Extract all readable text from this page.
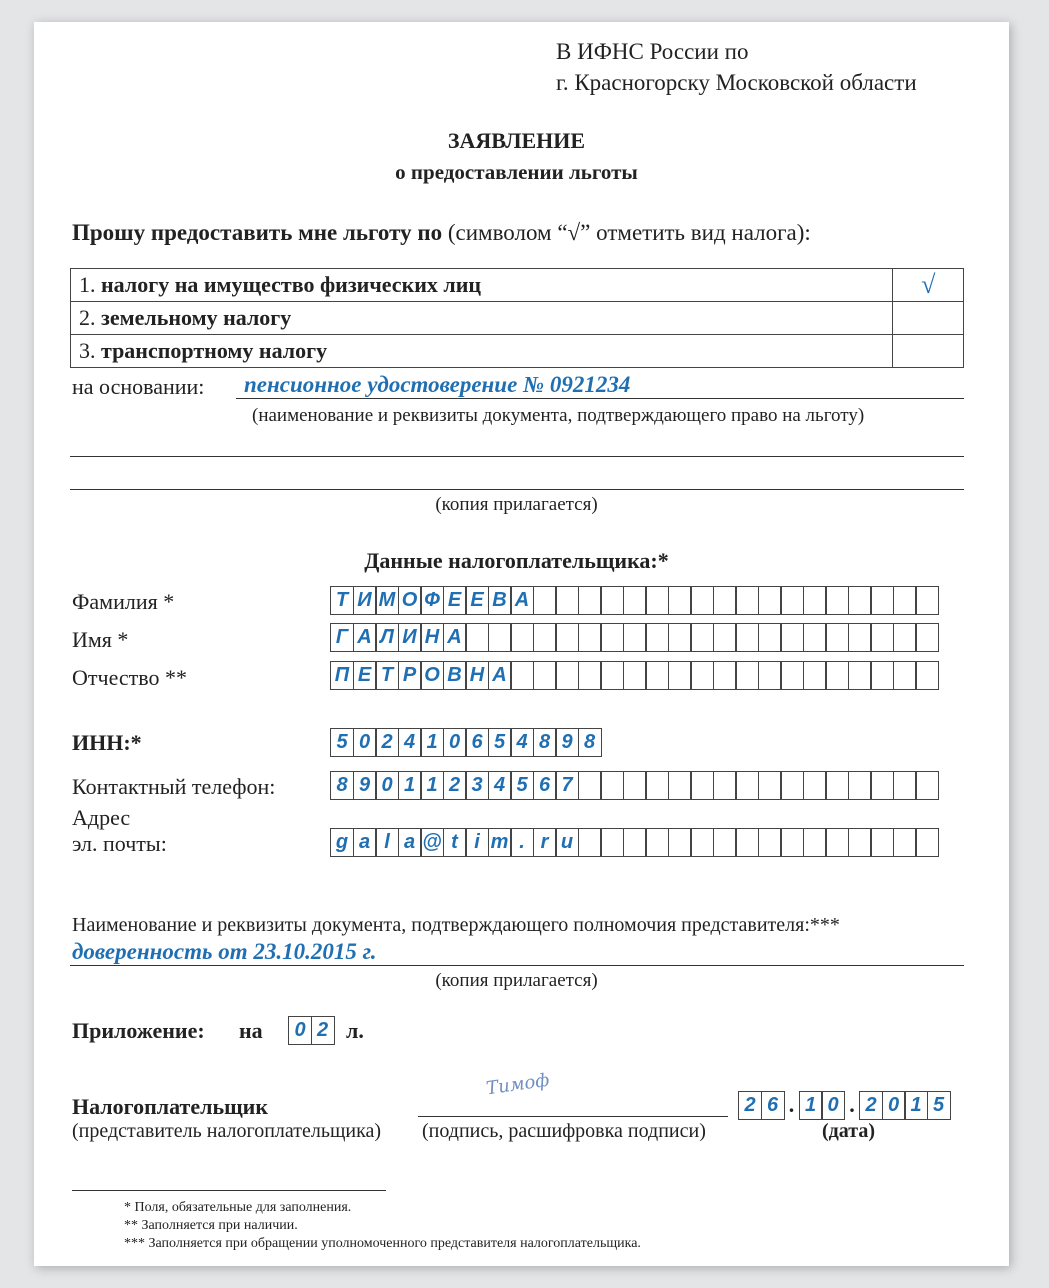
В ИФНС России по
г. Красногорску Московской области
ЗАЯВЛЕНИЕ
о предоставлении льготы
Прошу предоставить мне льготу по (символом “√” отметить вид налога):
1. налогу на имущество физических лиц	√
2. земельному налогу	
3. транспортному налогу	
на основании: пенсионное удостоверение № 0921234
(наименование и реквизиты документа, подтверждающего право на льготу)
(копия прилагается)
Данные налогоплательщика:*
Фамилия *	Т И М О Ф Е Е В А
Имя *	Г А Л И Н А
Отчество **	П Е Т Р О В Н А
ИНН:*	5 0 2 4 1 0 6 5 4 8 9 8
Контактный телефон:	8 9 0 1 1 2 3 4 5 6 7
Адрес
эл. почты:	g a l a @ t i m . r u
Наименование и реквизиты документа, подтверждающего полномочия представителя:***
доверенность от 23.10.2015 г.
(копия прилагается)
Приложение: на	0 2 л.
Налогоплательщик
(представитель налогоплательщика)
Тимоф
(подпись, расшифровка подписи)
2 6 . 1 0 . 2 0 1 5
(дата)
* Поля, обязательные для заполнения.
** Заполняется при наличии.
*** Заполняется при обращении уполномоченного представителя налогоплательщика.
